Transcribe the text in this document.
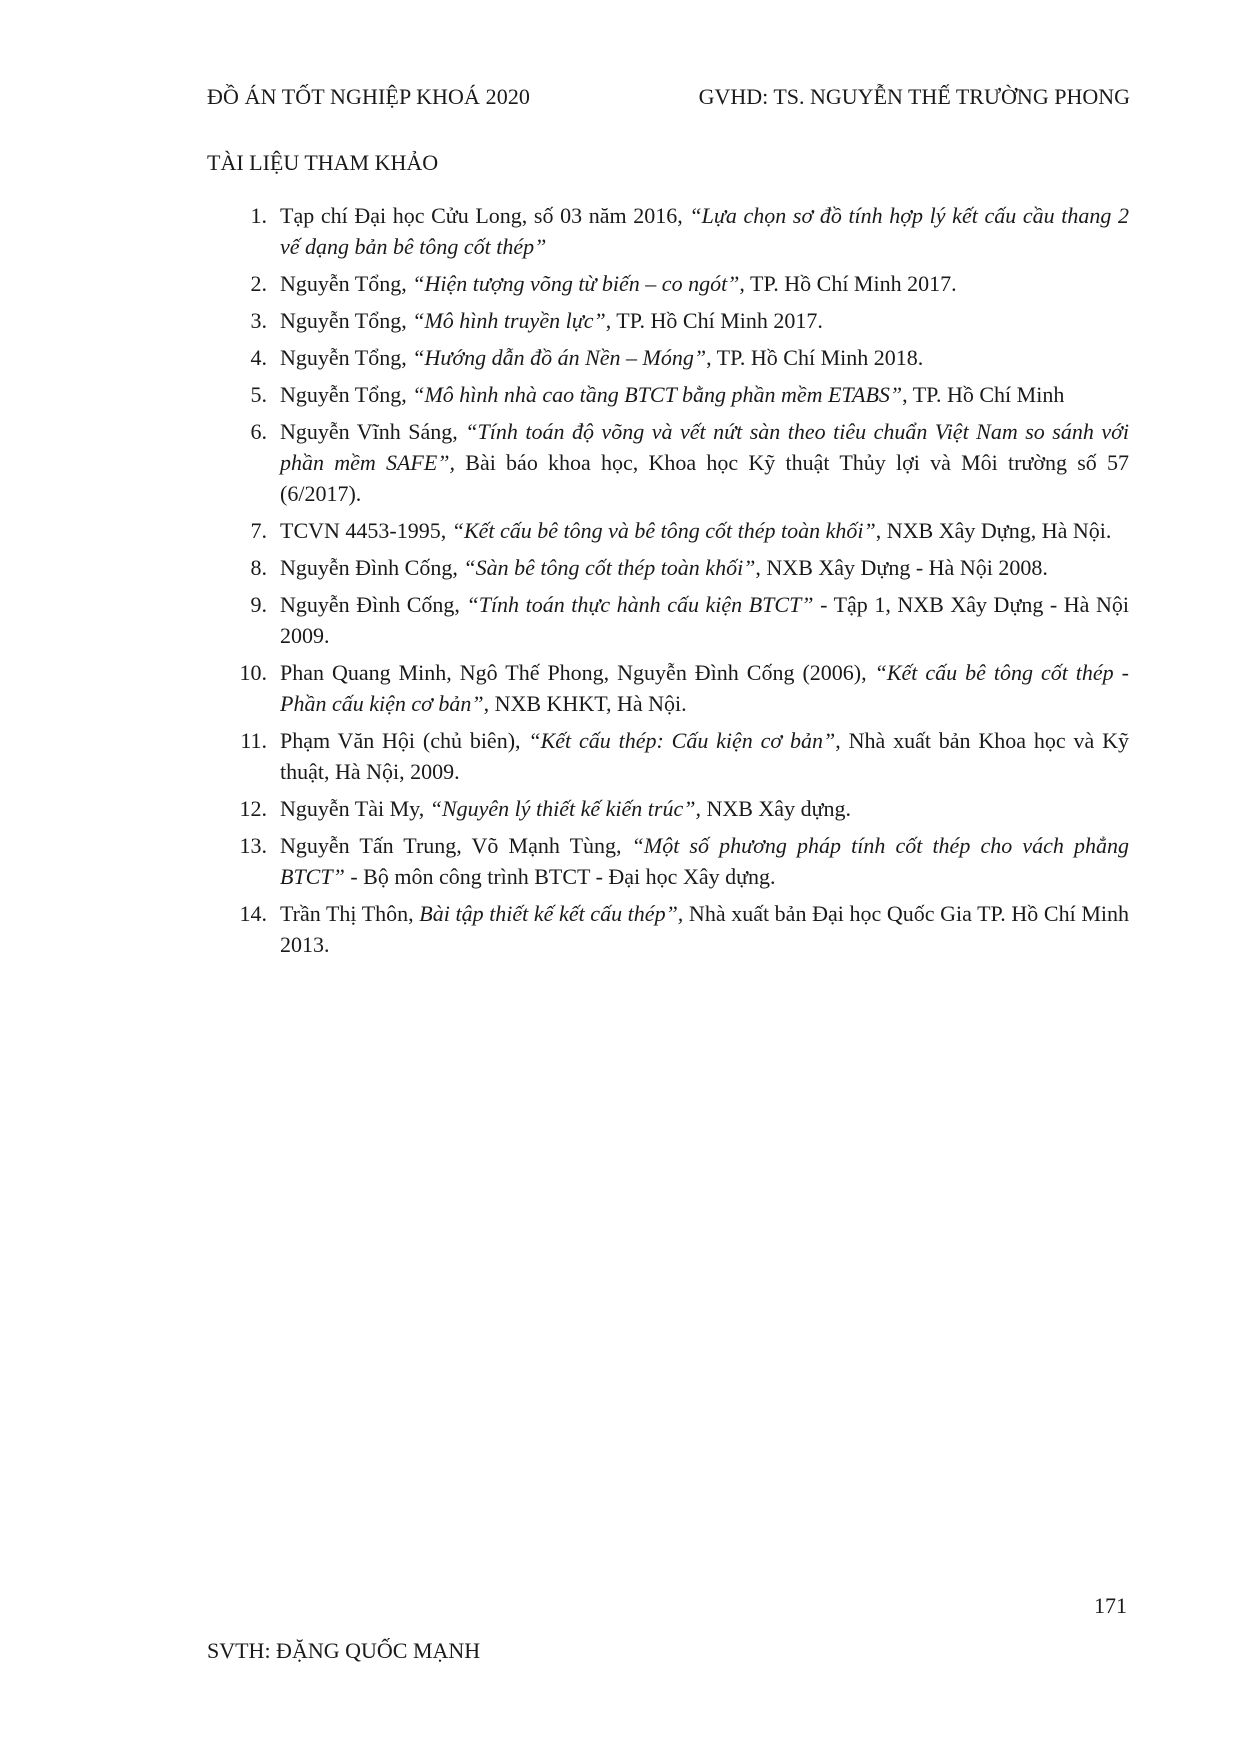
ĐỒ ÁN TỐT NGHIỆP KHOÁ 2020	GVHD: TS. NGUYỄN THẾ TRƯỜNG PHONG
TÀI LIỆU THAM KHẢO
1. Tạp chí Đại học Cửu Long, số 03 năm 2016, “Lựa chọn sơ đồ tính hợp lý kết cấu cầu thang 2 vế dạng bản bê tông cốt thép”
2. Nguyễn Tổng, “Hiện tượng võng từ biến – co ngót”, TP. Hồ Chí Minh 2017.
3. Nguyễn Tổng, “Mô hình truyền lực”, TP. Hồ Chí Minh 2017.
4. Nguyễn Tổng, “Hướng dẫn đồ án Nền – Móng”, TP. Hồ Chí Minh 2018.
5. Nguyễn Tổng, “Mô hình nhà cao tầng BTCT bằng phần mềm ETABS”, TP. Hồ Chí Minh
6. Nguyễn Vĩnh Sáng, “Tính toán độ võng và vết nứt sàn theo tiêu chuẩn Việt Nam so sánh với phần mềm SAFE”, Bài báo khoa học, Khoa học Kỹ thuật Thủy lợi và Môi trường số 57 (6/2017).
7. TCVN 4453-1995, “Kết cấu bê tông và bê tông cốt thép toàn khối”, NXB Xây Dựng, Hà Nội.
8. Nguyễn Đình Cống, “Sàn bê tông cốt thép toàn khối”, NXB Xây Dựng - Hà Nội 2008.
9. Nguyễn Đình Cống, “Tính toán thực hành cấu kiện BTCT” - Tập 1, NXB Xây Dựng - Hà Nội 2009.
10. Phan Quang Minh, Ngô Thế Phong, Nguyễn Đình Cống (2006), “Kết cấu bê tông cốt thép - Phần cấu kiện cơ bản”, NXB KHKT, Hà Nội.
11. Phạm Văn Hội (chủ biên), “Kết cấu thép: Cấu kiện cơ bản”, Nhà xuất bản Khoa học và Kỹ thuật, Hà Nội, 2009.
12. Nguyễn Tài My, “Nguyên lý thiết kế kiến trúc”, NXB Xây dựng.
13. Nguyễn Tấn Trung, Võ Mạnh Tùng, “Một số phương pháp tính cốt thép cho vách phẳng BTCT” - Bộ môn công trình BTCT - Đại học Xây dựng.
14. Trần Thị Thôn, Bài tập thiết kế kết cấu thép”, Nhà xuất bản Đại học Quốc Gia TP. Hồ Chí Minh 2013.
171
SVTH: ĐẶNG QUỐC MẠNH
